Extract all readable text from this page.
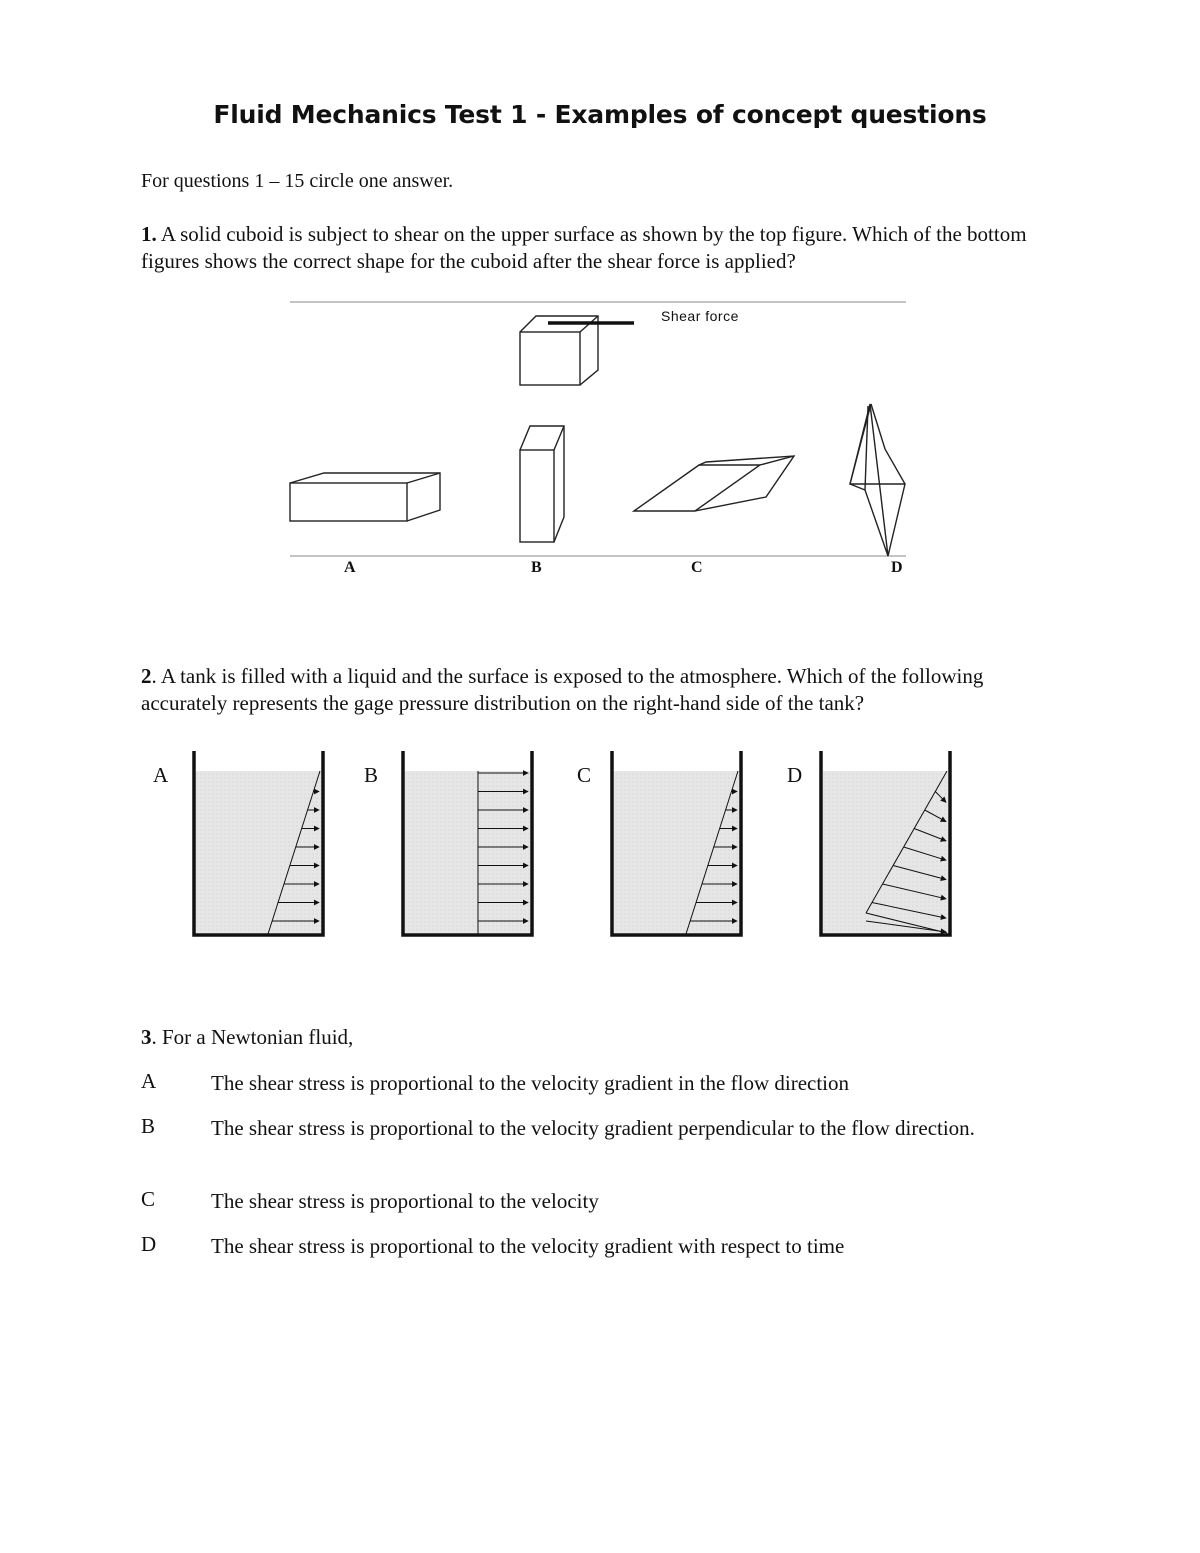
Fluid Mechanics Test 1 - Examples of concept questions
For questions 1 – 15 circle one answer.
1. A solid cuboid is subject to shear on the upper surface as shown by the top figure. Which of the bottom figures shows the correct shape for the cuboid after the shear force is applied?
Shear force
A	B	C	D
2. A tank is filled with a liquid and the surface is exposed to the atmosphere. Which of the following accurately represents the gage pressure distribution on the right-hand side of the tank?
A	B	C	D
3. For a Newtonian fluid,
A	The shear stress is proportional to the velocity gradient in the flow direction
B	The shear stress is proportional to the velocity gradient perpendicular to the flow direction.
C	The shear stress is proportional to the velocity
D	The shear stress is proportional to the velocity gradient with respect to time
